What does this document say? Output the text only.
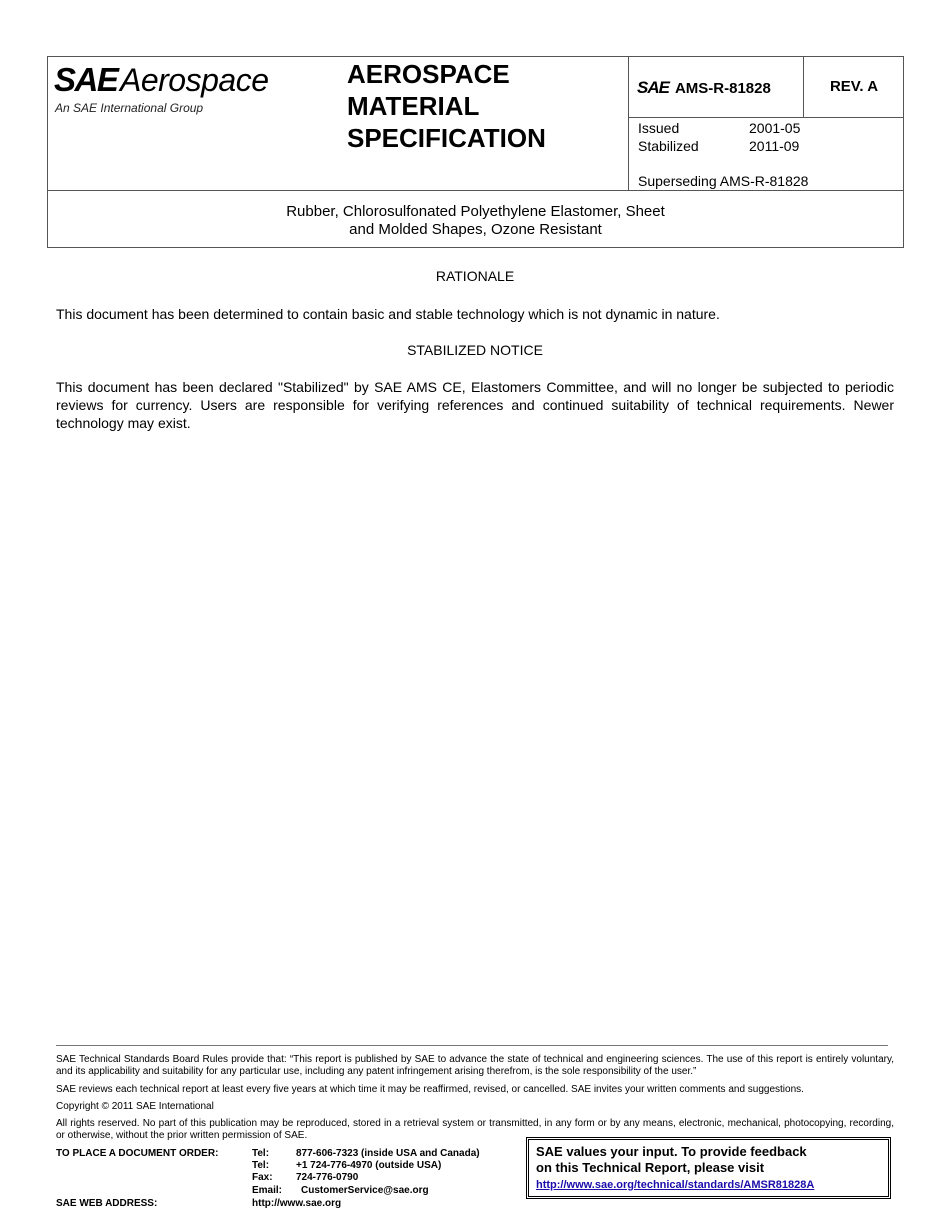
SAE Aerospace
An SAE International Group
AEROSPACE
MATERIAL
SPECIFICATION
SAE AMS-R-81828	REV. A
Issued	2001-05
Stabilized	2011-09
Superseding AMS-R-81828
Rubber, Chlorosulfonated Polyethylene Elastomer, Sheet
and Molded Shapes, Ozone Resistant
RATIONALE
This document has been determined to contain basic and stable technology which is not dynamic in nature.
STABILIZED NOTICE
This document has been declared "Stabilized" by SAE AMS CE, Elastomers Committee, and will no longer be subjected to periodic reviews for currency. Users are responsible for verifying references and continued suitability of technical requirements. Newer technology may exist.
SAE Technical Standards Board Rules provide that: “This report is published by SAE to advance the state of technical and engineering sciences. The use of this report is entirely voluntary, and its applicability and suitability for any particular use, including any patent infringement arising therefrom, is the sole responsibility of the user.”
SAE reviews each technical report at least every five years at which time it may be reaffirmed, revised, or cancelled. SAE invites your written comments and suggestions.
Copyright © 2011 SAE International
All rights reserved. No part of this publication may be reproduced, stored in a retrieval system or transmitted, in any form or by any means, electronic, mechanical, photocopying, recording, or otherwise, without the prior written permission of SAE.
TO PLACE A DOCUMENT ORDER:	Tel:	877-606-7323 (inside USA and Canada)
Tel:	+1 724-776-4970 (outside USA)
Fax: 724-776-0790
Email: CustomerService@sae.org
SAE WEB ADDRESS:	http://www.sae.org
SAE values your input. To provide feedback
on this Technical Report, please visit
http://www.sae.org/technical/standards/AMSR81828A
